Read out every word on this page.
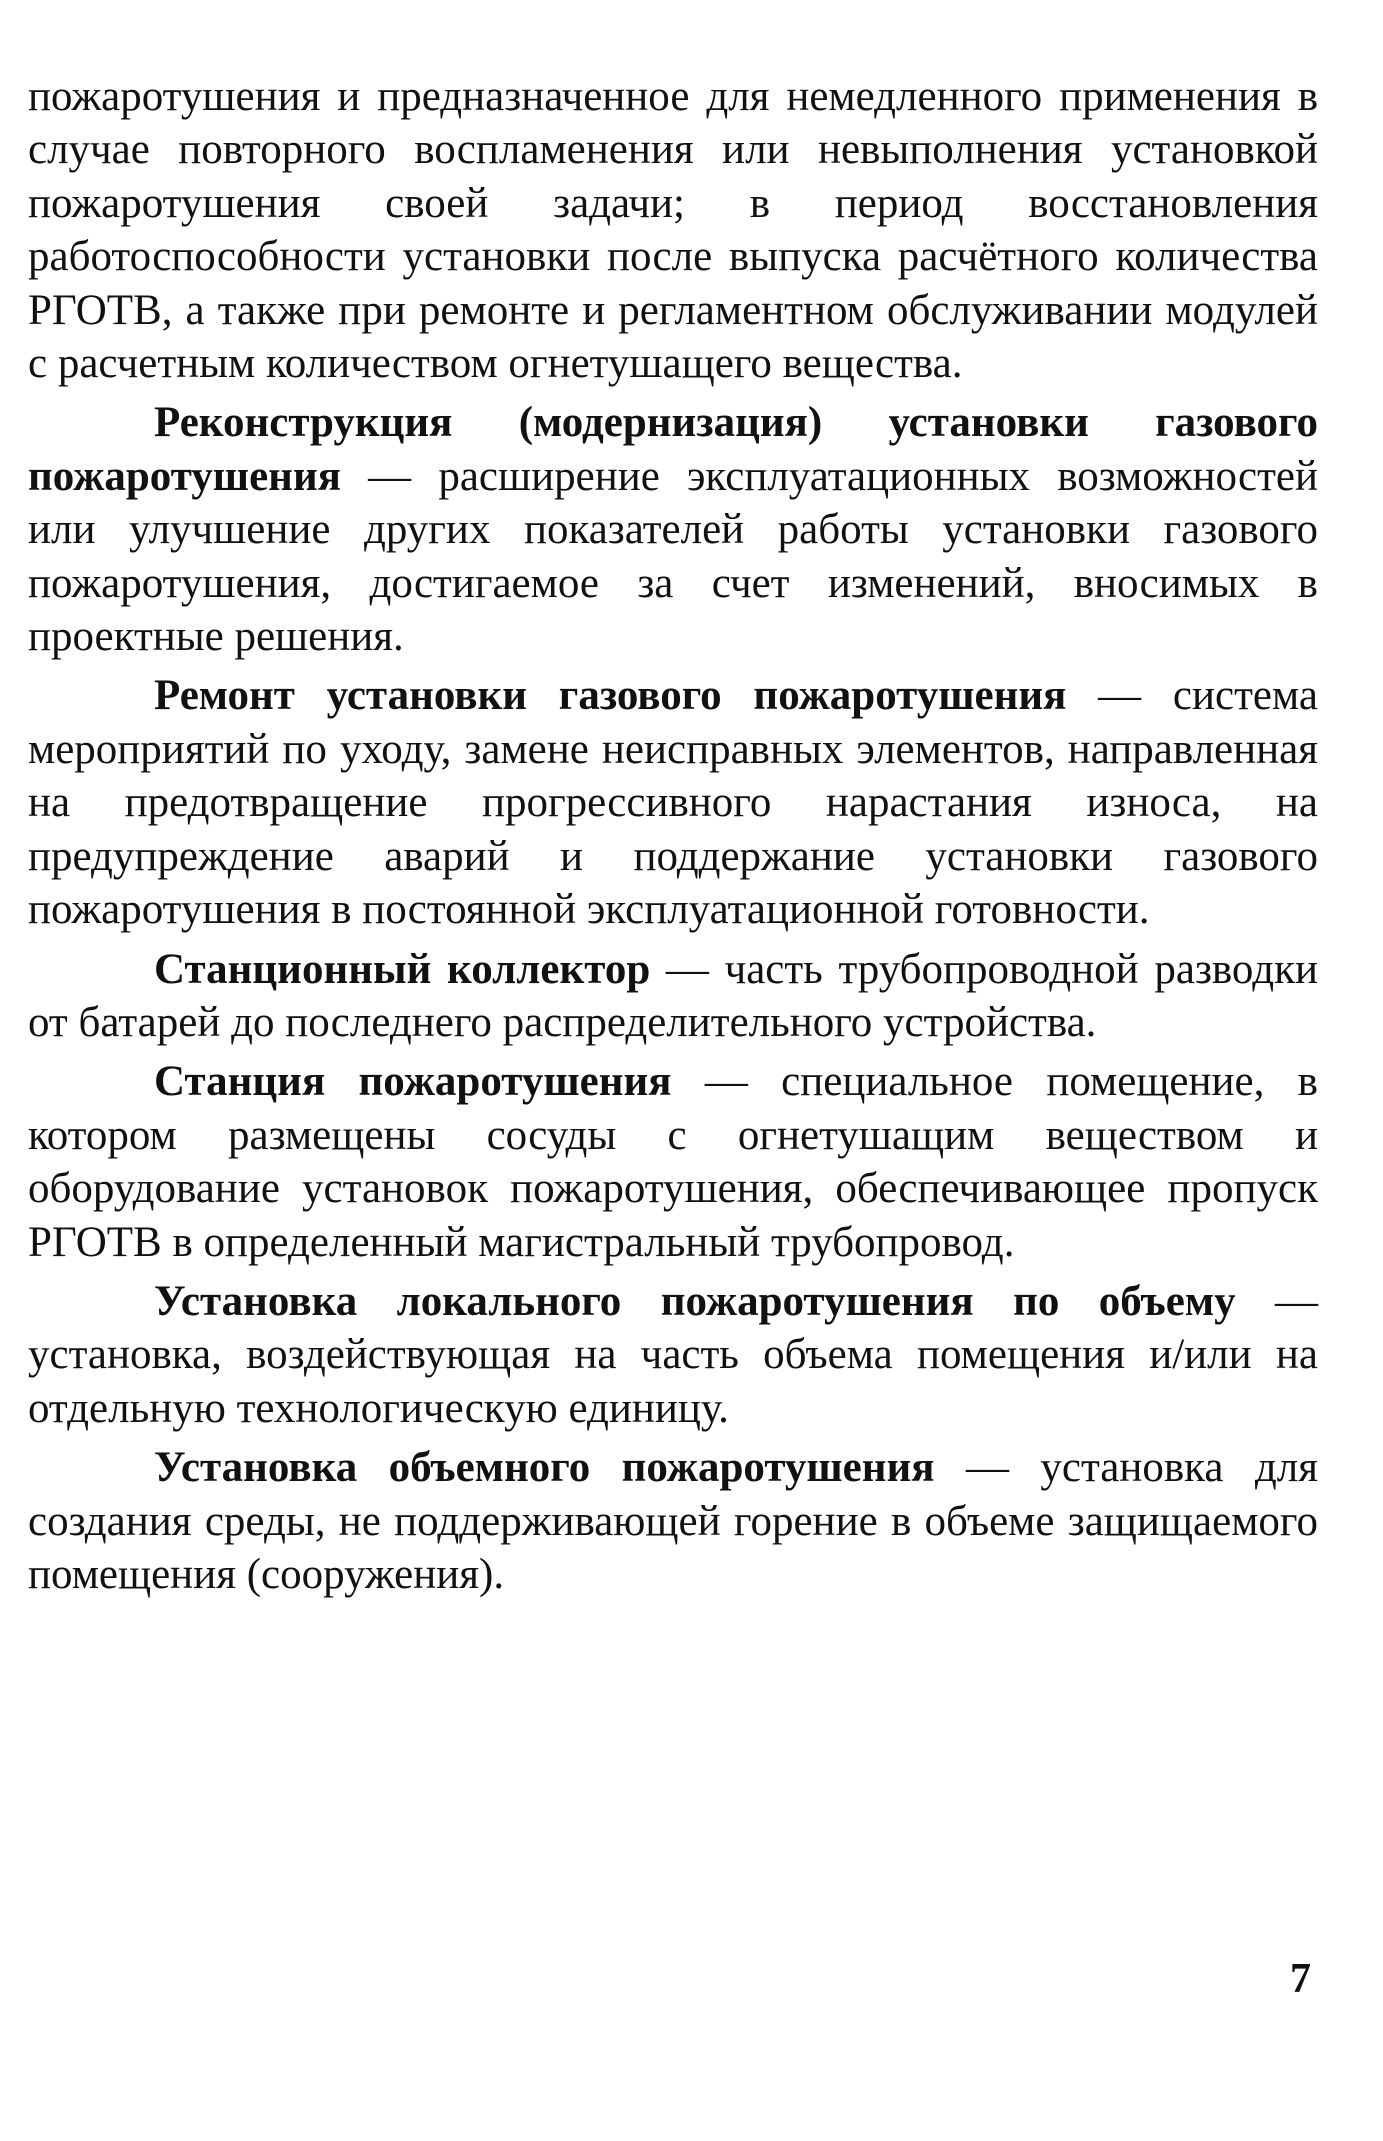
пожаротушения и предназначенное для немедленного применения в случае повторного воспламенения или невыполнения установкой пожаротушения своей задачи; в период восстановления работоспособности установки после выпуска расчётного количества РГОТВ, а также при ремонте и регламентном обслуживании модулей с расчетным количеством огнетушащего вещества.

Реконструкция (модернизация) установки газового пожаротушения — расширение эксплуатационных возможностей или улучшение других показателей работы установки газового пожаротушения, достигаемое за счет изменений, вносимых в проектные решения.

Ремонт установки газового пожаротушения — система мероприятий по уходу, замене неисправных элементов, направленная на предотвращение прогрессивного нарастания износа, на предупреждение аварий и поддержание установки газового пожаротушения в постоянной эксплуатационной готовности.

Станционный коллектор — часть трубопроводной разводки от батарей до последнего распределительного устройства.

Станция пожаротушения — специальное помещение, в котором размещены сосуды с огнетушащим веществом и оборудование установок пожаротушения, обеспечивающее пропуск РГОТВ в определенный магистральный трубопровод.

Установка локального пожаротушения по объему — установка, воздействующая на часть объема помещения и/или на отдельную технологическую единицу.

Установка объемного пожаротушения — установка для создания среды, не поддерживающей горение в объеме защищаемого помещения (сооружения).

7
